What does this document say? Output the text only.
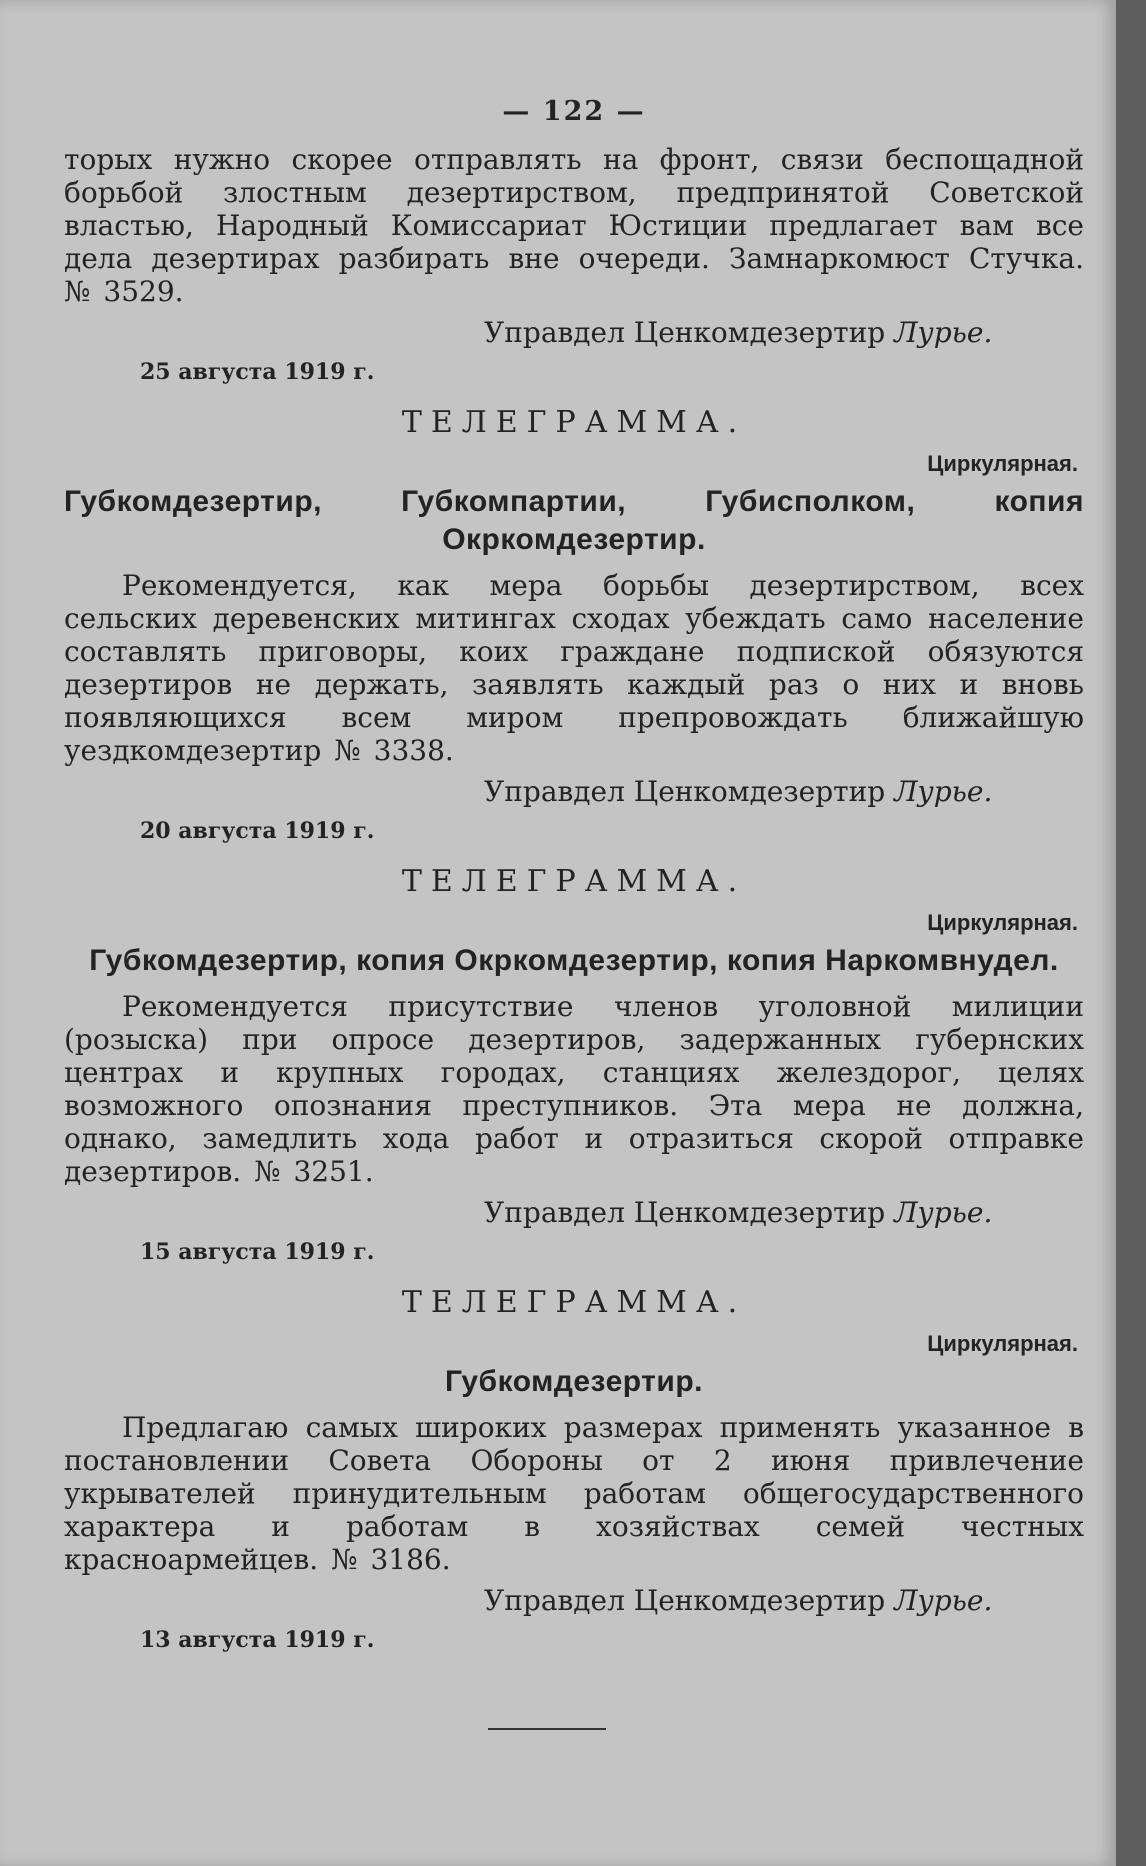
— 122 —
торых нужно скорее отправлять на фронт, связи беспощадной борьбой злостным дезертирством, предпринятой Советской властью, Народный Комиссариат Юстиции предлагает вам все дела дезертирах разбирать вне очереди. Замнаркомюст Стучка. № 3529.
Управдел Ценкомдезертир Лурье.
25 августа 1919 г.
ТЕЛЕГРАММА.
Циркулярная.
Губкомдезертир, Губкомпартии, Губисполком, копия Окркомдезертир.
Рекомендуется, как мера борьбы дезертирством, всех сельских деревенских митингах сходах убеждать само население составлять приговоры, коих граждане подпиской обязуются дезертиров не держать, заявлять каждый раз о них и вновь появляющихся всем миром препровождать ближайшую уездкомдезертир № 3338.
Управдел Ценкомдезертир Лурье.
20 августа 1919 г.
ТЕЛЕГРАММА.
Циркулярная.
Губкомдезертир, копия Окркомдезертир, копия Наркомвнудел.
Рекомендуется присутствие членов уголовной милиции (розыска) при опросе дезертиров, задержанных губернских центрах и крупных городах, станциях желездорог, целях возможного опознания преступников. Эта мера не должна, однако, замедлить хода работ и отразиться скорой отправке дезертиров. № 3251.
Управдел Ценкомдезертир Лурье.
15 августа 1919 г.
ТЕЛЕГРАММА.
Циркулярная.
Губкомдезертир.
Предлагаю самых широких размерах применять указанное в постановлении Совета Обороны от 2 июня привлечение укрывателей принудительным работам общегосударственного характера и работам в хозяйствах семей честных красноармейцев. № 3186.
Управдел Ценкомдезертир Лурье.
13 августа 1919 г.
